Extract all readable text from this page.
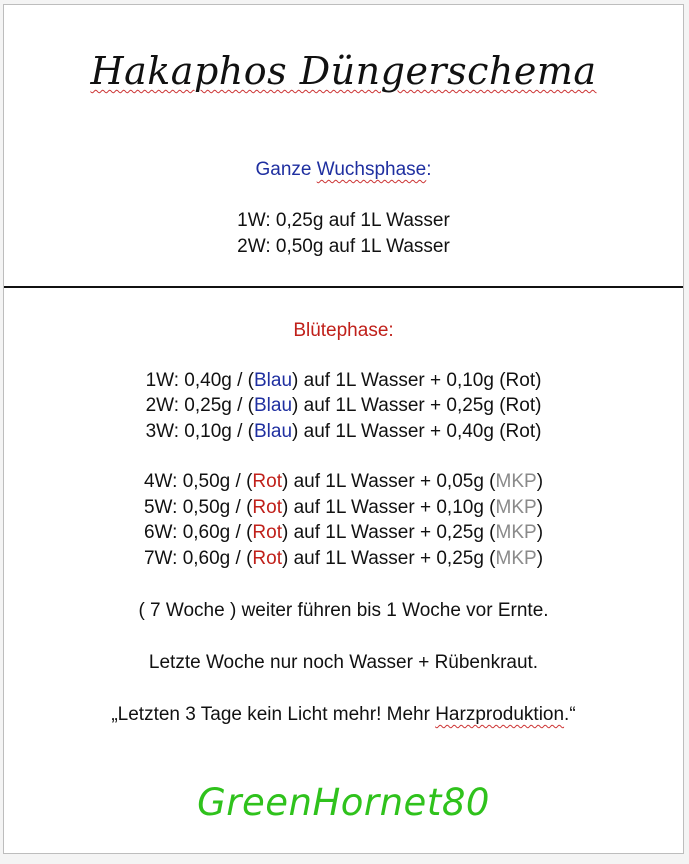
Hakaphos Düngerschema
Ganze Wuchsphase:
1W: 0,25g auf 1L Wasser
2W: 0,50g auf 1L Wasser
Blütephase:
1W: 0,40g / (Blau) auf 1L Wasser + 0,10g (Rot)
2W: 0,25g / (Blau) auf 1L Wasser + 0,25g (Rot)
3W: 0,10g / (Blau) auf 1L Wasser + 0,40g (Rot)
4W: 0,50g / (Rot) auf 1L Wasser + 0,05g (MKP)
5W: 0,50g / (Rot) auf 1L Wasser + 0,10g (MKP)
6W: 0,60g / (Rot) auf 1L Wasser + 0,25g (MKP)
7W: 0,60g / (Rot) auf 1L Wasser + 0,25g (MKP)
( 7 Woche ) weiter führen bis 1 Woche vor Ernte.
Letzte Woche nur noch Wasser + Rübenkraut.
„Letzten 3 Tage kein Licht mehr! Mehr Harzproduktion.“
GreenHornet80
